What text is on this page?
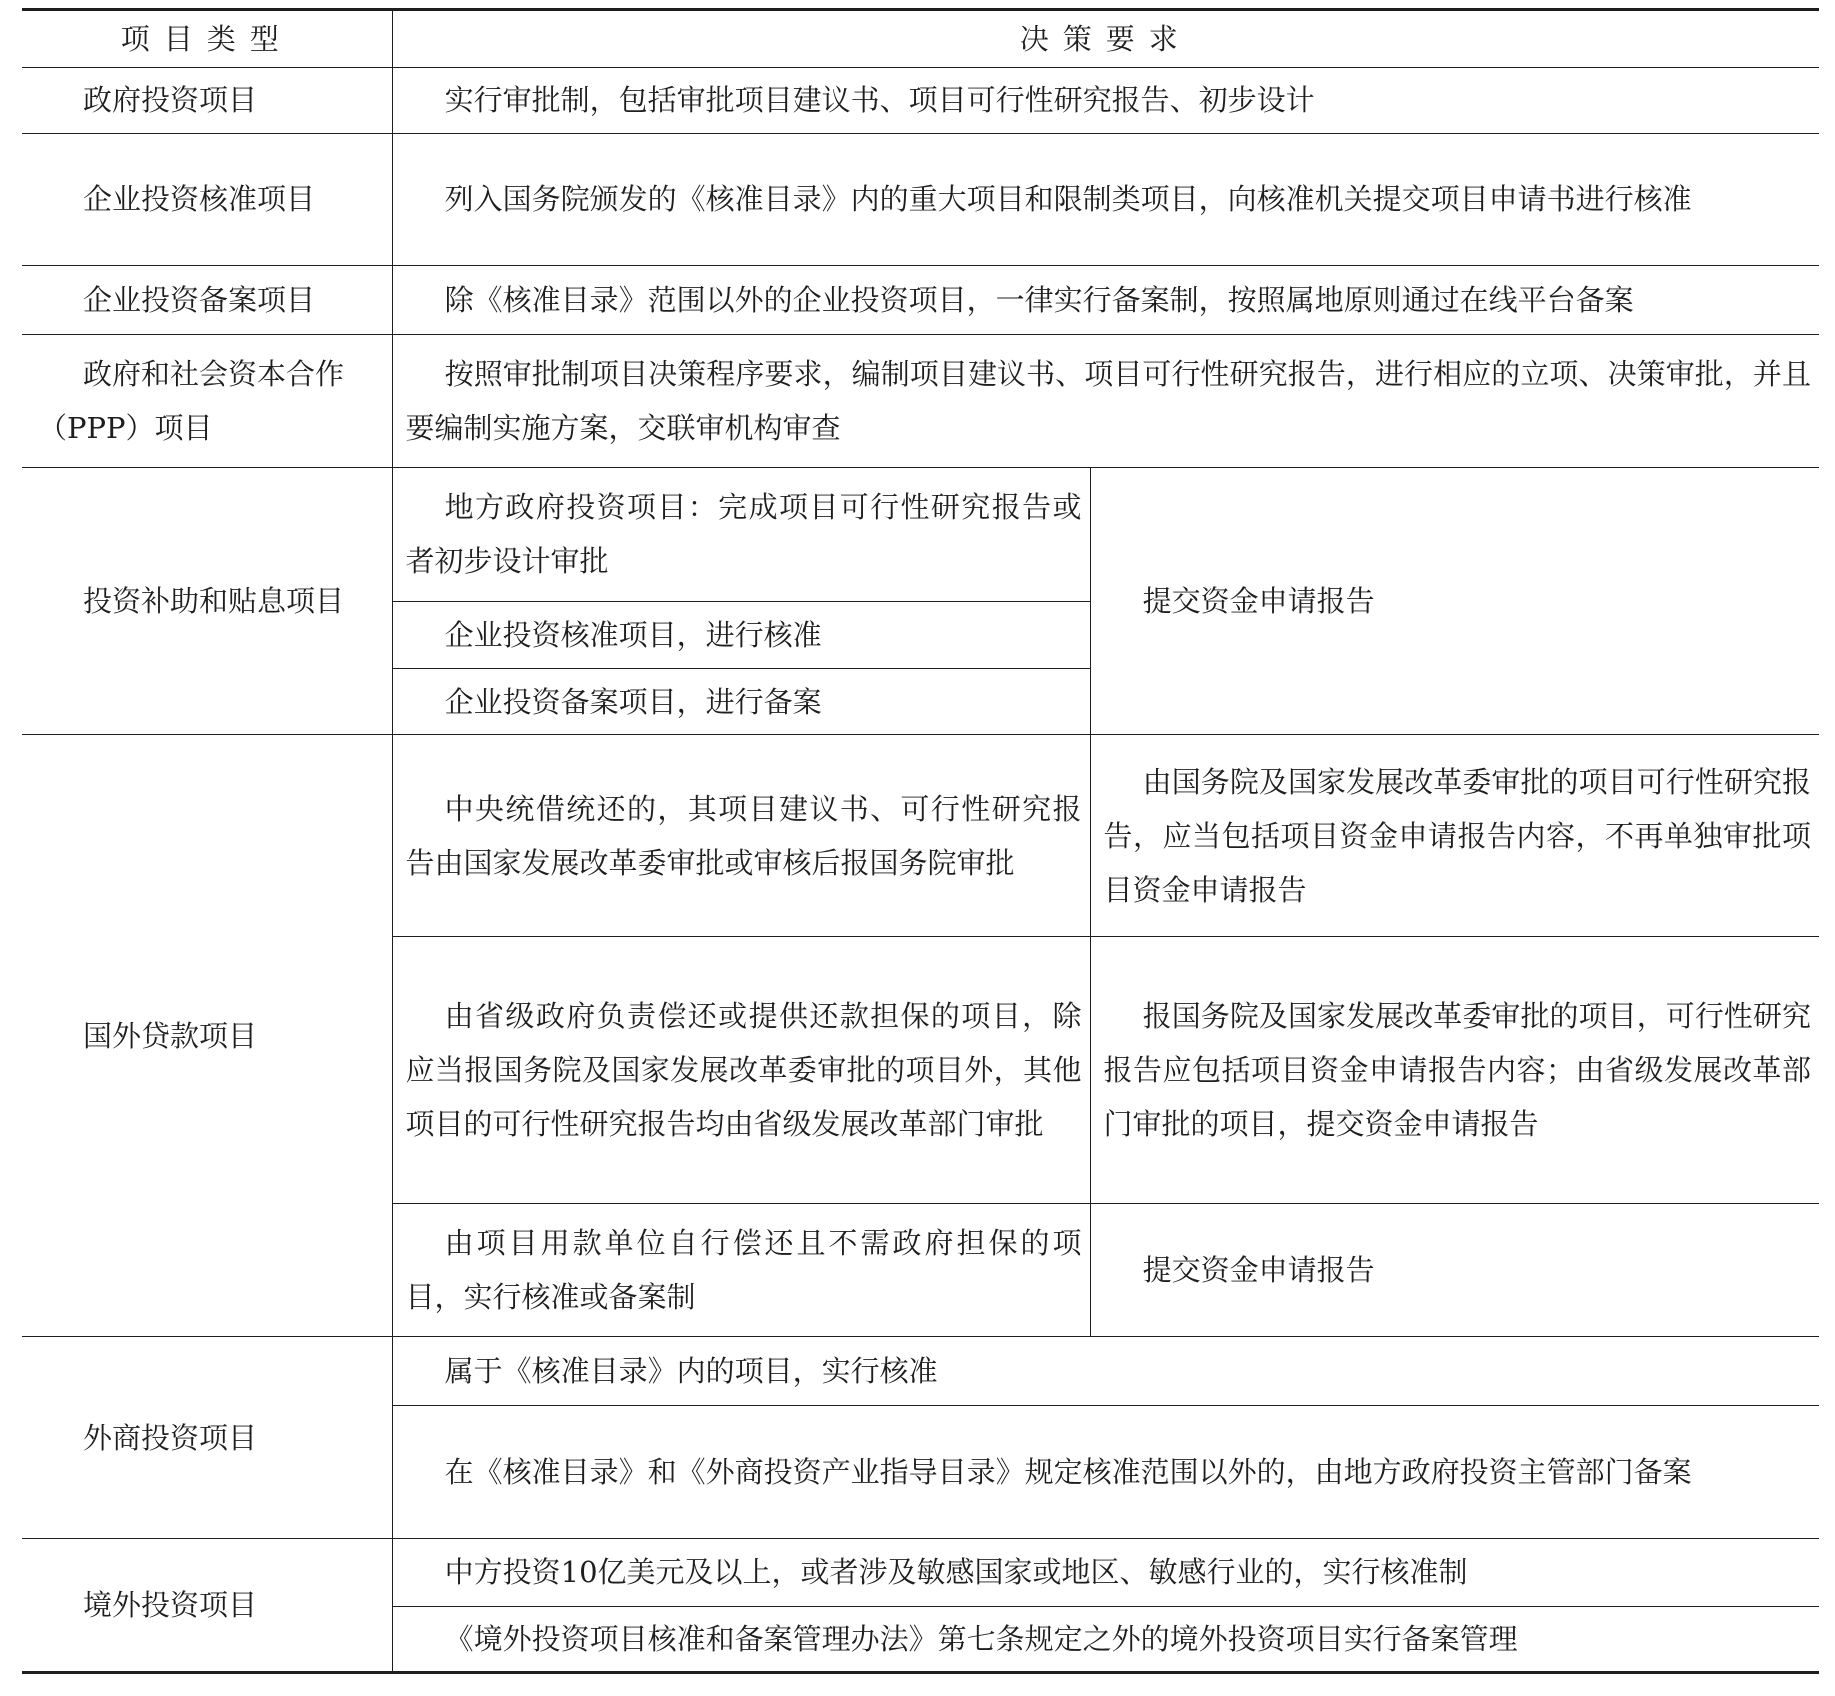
项目类型	决策要求	
政府投资项目	实行审批制，包括审批项目建议书、项目可行性研究报告、初步设计	
企业投资核准项目	列入国务院颁发的《核准目录》内的重大项目和限制类项目，向核准机关提交项目申请书进行核准	
企业投资备案项目	除《核准目录》范围以外的企业投资项目，一律实行备案制，按照属地原则通过在线平台备案	
政府和社会资本合作（PPP）项目	按照审批制项目决策程序要求，编制项目建议书、项目可行性研究报告，进行相应的立项、决策审批，并且要编制实施方案，交联审机构审查	
投资补助和贴息项目	地方政府投资项目：完成项目可行性研究报告或者初步设计审批	提交资金申请报告
	企业投资核准项目，进行核准	
	企业投资备案项目，进行备案	
国外贷款项目	中央统借统还的，其项目建议书、可行性研究报告由国家发展改革委审批或审核后报国务院审批	由国务院及国家发展改革委审批的项目可行性研究报告，应当包括项目资金申请报告内容，不再单独审批项目资金申请报告
	由省级政府负责偿还或提供还款担保的项目，除应当报国务院及国家发展改革委审批的项目外，其他项目的可行性研究报告均由省级发展改革部门审批	报国务院及国家发展改革委审批的项目，可行性研究报告应包括项目资金申请报告内容；由省级发展改革部门审批的项目，提交资金申请报告
	由项目用款单位自行偿还且不需政府担保的项目，实行核准或备案制	提交资金申请报告
外商投资项目	属于《核准目录》内的项目，实行核准	
	在《核准目录》和《外商投资产业指导目录》规定核准范围以外的，由地方政府投资主管部门备案	
境外投资项目	中方投资10亿美元及以上，或者涉及敏感国家或地区、敏感行业的，实行核准制	
	《境外投资项目核准和备案管理办法》第七条规定之外的境外投资项目实行备案管理	
